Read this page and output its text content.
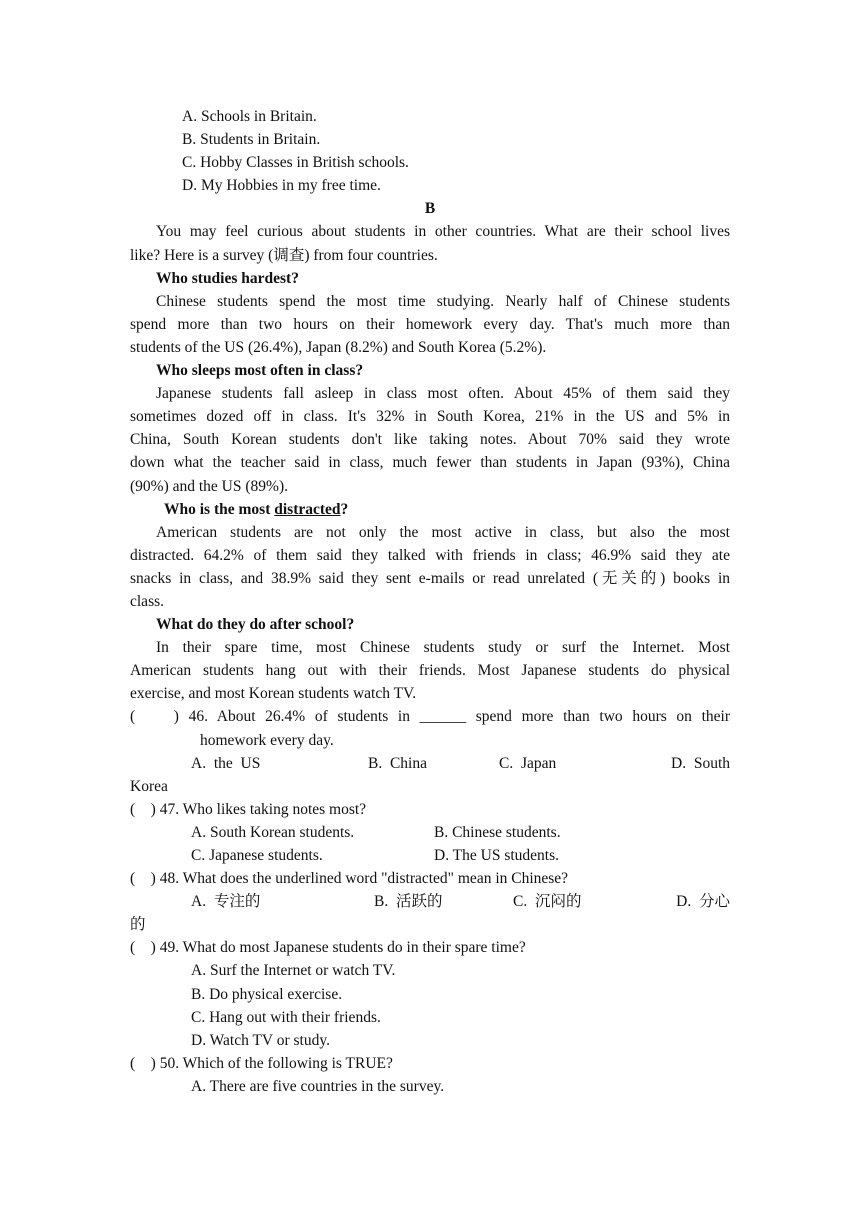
A. Schools in Britain.
B. Students in Britain.
C. Hobby Classes in British schools.
D. My Hobbies in my free time.
B
You may feel curious about students in other countries. What are their school lives
like? Here is a survey (调查) from four countries.
Who studies hardest?
Chinese students spend the most time studying. Nearly half of Chinese students
spend more than two hours on their homework every day. That's much more than
students of the US (26.4%), Japan (8.2%) and South Korea (5.2%).
Who sleeps most often in class?
Japanese students fall asleep in class most often. About 45% of them said they
sometimes dozed off in class. It's 32% in South Korea, 21% in the US and 5% in
China, South Korean students don't like taking notes. About 70% said they wrote
down what the teacher said in class, much fewer than students in Japan (93%), China
(90%) and the US (89%).
Who is the most distracted?
American students are not only the most active in class, but also the most
distracted. 64.2% of them said they talked with friends in class; 46.9% said they ate
snacks in class, and 38.9% said they sent e-mails or read unrelated (无关的) books in
class.
What do they do after school?
In their spare time, most Chinese students study or surf the Internet. Most
American students hang out with their friends. Most Japanese students do physical
exercise, and most Korean students watch TV.
(    ) 46. About 26.4% of students in ______ spend more than two hours on their
homework every day.
A.  the  US	B.  China	C.  Japan	D.  South
Korea
(    ) 47. Who likes taking notes most?
A. South Korean students.	B. Chinese students.
C. Japanese students.	D. The US students.
(    ) 48. What does the underlined word "distracted" mean in Chinese?
A.  专注的	B.  活跃的	C.  沉闷的	D.  分心
的
(    ) 49. What do most Japanese students do in their spare time?
A. Surf the Internet or watch TV.
B. Do physical exercise.
C. Hang out with their friends.
D. Watch TV or study.
(    ) 50. Which of the following is TRUE?
A. There are five countries in the survey.
